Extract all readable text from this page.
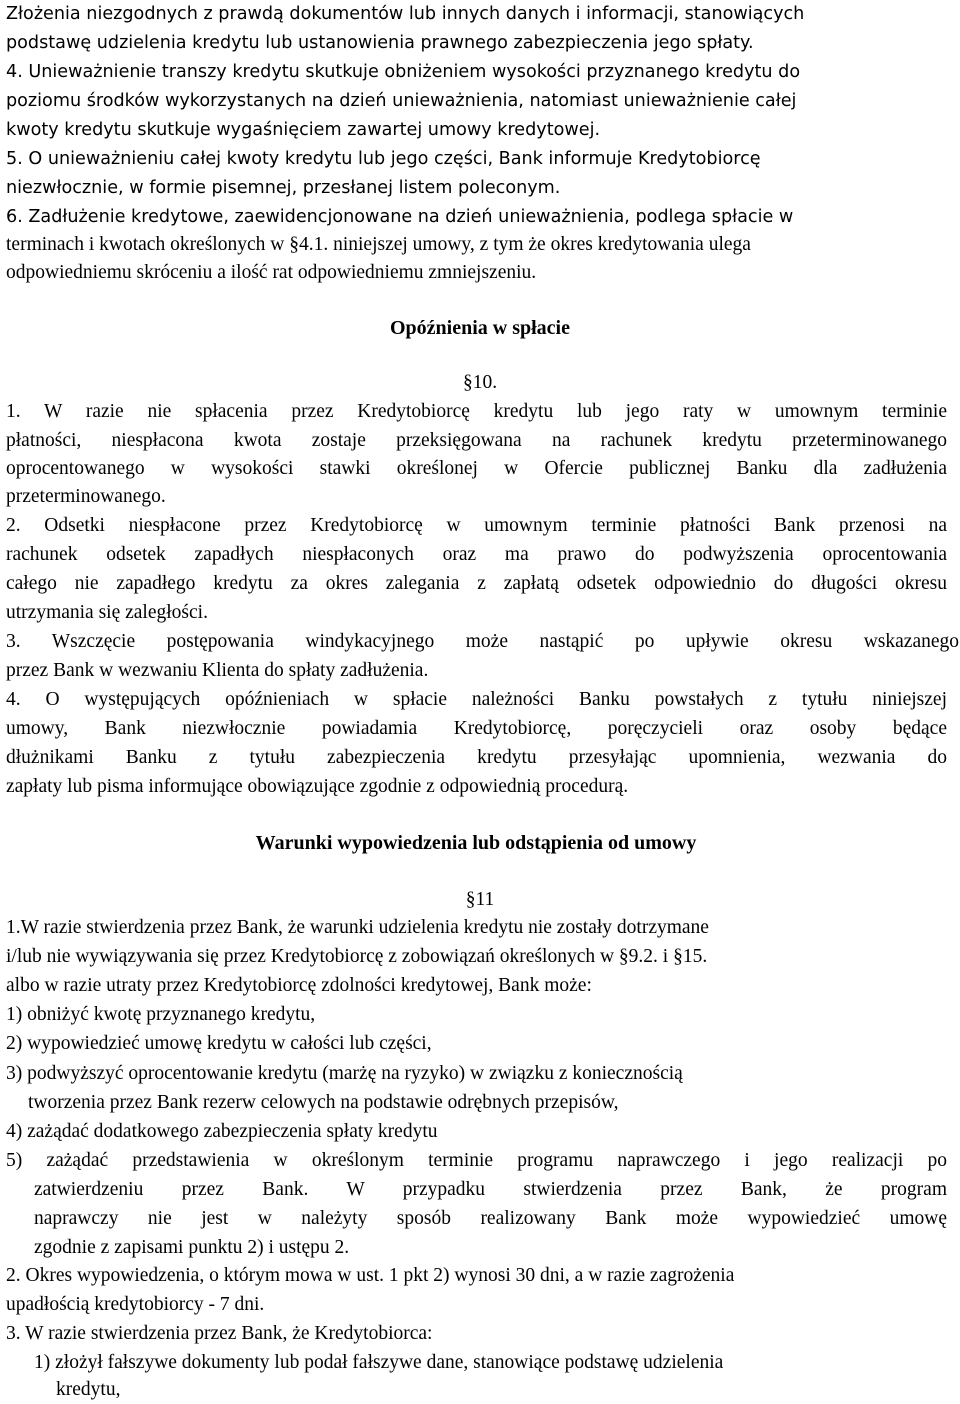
Złożenia niezgodnych z prawdą dokumentów lub innych danych i informacji, stanowiących
podstawę udzielenia kredytu lub ustanowienia prawnego zabezpieczenia jego spłaty.
4. Unieważnienie transzy kredytu skutkuje obniżeniem wysokości przyznanego kredytu do
poziomu środków wykorzystanych na dzień unieważnienia, natomiast unieważnienie całej
kwoty kredytu skutkuje wygaśnięciem zawartej umowy kredytowej.
5. O unieważnieniu całej kwoty kredytu lub jego części, Bank informuje Kredytobiorcę
niezwłocznie, w formie pisemnej, przesłanej listem poleconym.
6. Zadłużenie kredytowe, zaewidencjonowane na dzień unieważnienia, podlega spłacie w
terminach i kwotach określonych w §4.1. niniejszej umowy, z tym że okres kredytowania ulega
odpowiedniemu skróceniu a ilość rat odpowiedniemu zmniejszeniu.
Opóźnienia w spłacie
§10.
1. W razie nie spłacenia przez Kredytobiorcę kredytu lub jego raty w umownym terminie
płatności, niespłacona kwota zostaje przeksięgowana na rachunek kredytu przeterminowanego
oprocentowanego w wysokości stawki określonej w Ofercie publicznej Banku dla zadłużenia
przeterminowanego.
2. Odsetki niespłacone przez Kredytobiorcę w umownym terminie płatności Bank przenosi na
rachunek odsetek zapadłych niespłaconych oraz ma prawo do podwyższenia oprocentowania
całego nie zapadłego kredytu za okres zalegania z zapłatą odsetek odpowiednio do długości okresu
utrzymania się zaległości.
3. Wszczęcie postępowania windykacyjnego może nastąpić po upływie okresu wskazanego
przez Bank w wezwaniu Klienta do spłaty zadłużenia.
4. O występujących opóźnieniach w spłacie należności Banku powstałych z tytułu niniejszej
umowy, Bank niezwłocznie powiadamia Kredytobiorcę, poręczycieli oraz osoby będące
dłużnikami Banku z tytułu zabezpieczenia kredytu przesyłając upomnienia, wezwania do
zapłaty lub pisma informujące obowiązujące zgodnie z odpowiednią procedurą.
Warunki wypowiedzenia lub odstąpienia od umowy
§11
1.W razie stwierdzenia przez Bank, że warunki udzielenia kredytu nie zostały dotrzymane
i/lub nie wywiązywania się przez Kredytobiorcę z zobowiązań określonych w §9.2. i §15.
albo w razie utraty przez Kredytobiorcę zdolności kredytowej, Bank może:
1) obniżyć kwotę przyznanego kredytu,
2) wypowiedzieć umowę kredytu w całości lub części,
3) podwyższyć oprocentowanie kredytu (marżę na ryzyko) w związku z koniecznością
tworzenia przez Bank rezerw celowych na podstawie odrębnych przepisów,
4) zażądać dodatkowego zabezpieczenia spłaty kredytu
5) zażądać przedstawienia w określonym terminie programu naprawczego i jego realizacji po
zatwierdzeniu przez Bank. W przypadku stwierdzenia przez Bank, że program
naprawczy nie jest w należyty sposób realizowany Bank może wypowiedzieć umowę
zgodnie z zapisami punktu 2) i ustępu 2.
2. Okres wypowiedzenia, o którym mowa w ust. 1 pkt 2) wynosi 30 dni, a w razie zagrożenia
upadłością kredytobiorcy - 7 dni.
3. W razie stwierdzenia przez Bank, że Kredytobiorca:
1) złożył fałszywe dokumenty lub podał fałszywe dane, stanowiące podstawę udzielenia
kredytu,
